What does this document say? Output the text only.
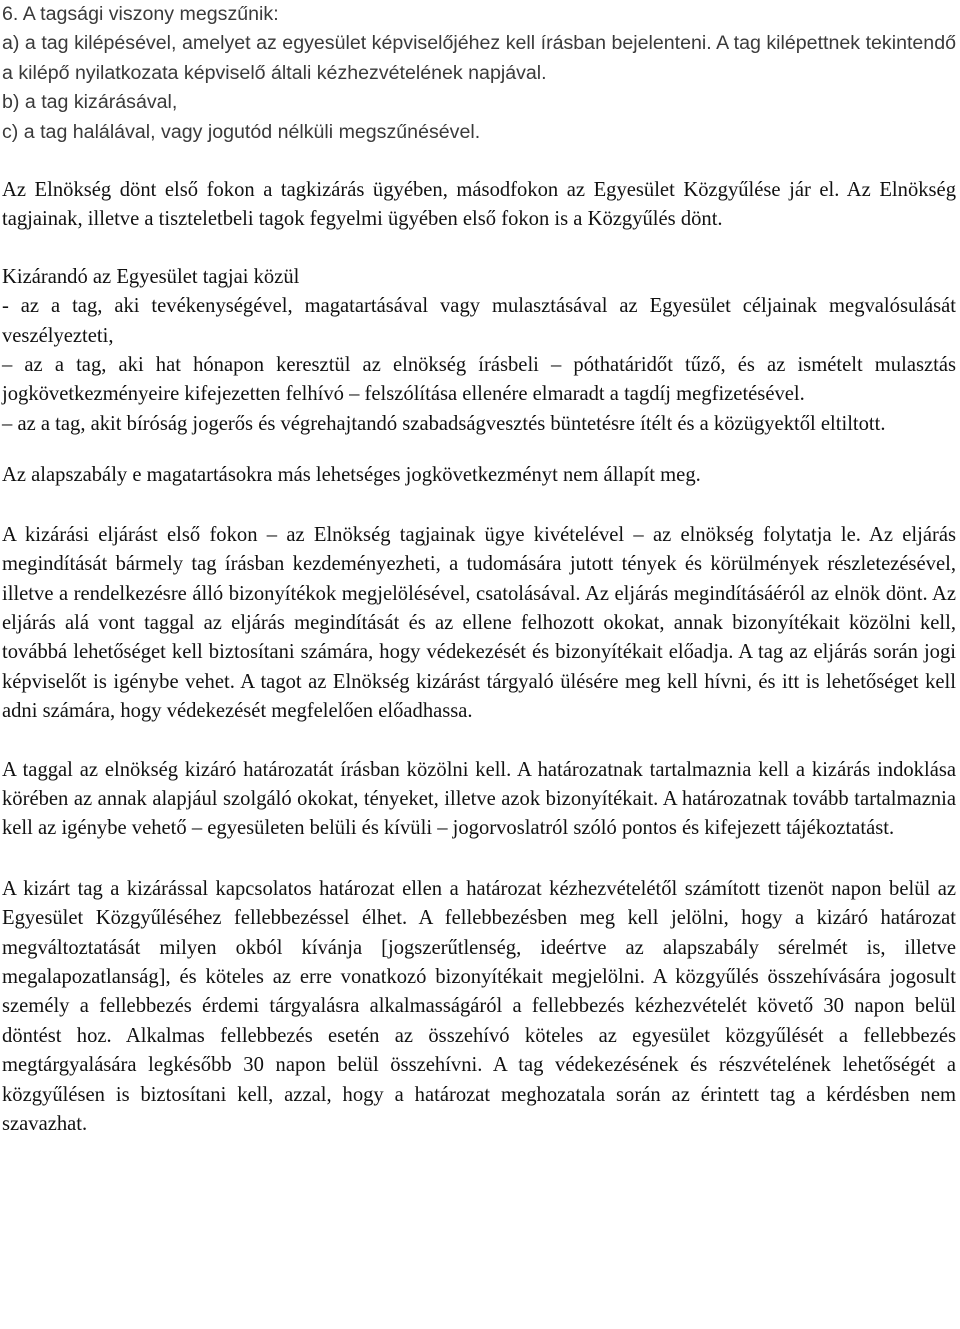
6. A tagsági viszony megszűnik:
a) a tag kilépésével, amelyet az egyesület képviselőjéhez kell írásban bejelenteni. A tag kilépettnek tekintendő a kilépő nyilatkozata képviselő általi kézhezvételének napjával.
b) a tag kizárásával,
c) a tag halálával, vagy jogutód nélküli megszűnésével.

Az Elnökség dönt első fokon a tagkizárás ügyében, másodfokon az Egyesület Közgyűlése jár el. Az Elnökség tagjainak, illetve a tiszteletbeli tagok fegyelmi ügyében első fokon is a Közgyűlés dönt.

Kizárandó az Egyesület tagjai közül
- az a tag, aki tevékenységével, magatartásával vagy mulasztásával az Egyesület céljainak megvalósulását veszélyezteti,
– az a tag, aki hat hónapon keresztül az elnökség írásbeli – póthatáridőt tűző, és az ismételt mulasztás jogkövetkezményeire kifejezetten felhívó – felszólítása ellenére elmaradt a tagdíj megfizetésével.
– az a tag, akit bíróság jogerős és végrehajtandó szabadságvesztés büntetésre ítélt és a közügyektől eltiltott.

Az alapszabály e magatartásokra más lehetséges jogkövetkezményt nem állapít meg.

A kizárási eljárást első fokon – az Elnökség tagjainak ügye kivételével – az elnökség folytatja le. Az eljárás megindítását bármely tag írásban kezdeményezheti, a tudomására jutott tények és körülmények részletezésével, illetve a rendelkezésre álló bizonyítékok megjelölésével, csatolásával. Az eljárás megindításáéról az elnök dönt. Az eljárás alá vont taggal az eljárás megindítását és az ellene felhozott okokat, annak bizonyítékait közölni kell, továbbá lehetőséget kell biztosítani számára, hogy védekezését és bizonyítékait előadja. A tag az eljárás során jogi képviselőt is igénybe vehet. A tagot az Elnökség kizárást tárgyaló ülésére meg kell hívni, és itt is lehetőséget kell adni számára, hogy védekezését megfelelően előadhassa.

A taggal az elnökség kizáró határozatát írásban közölni kell. A határozatnak tartalmaznia kell a kizárás indoklása körében az annak alapjául szolgáló okokat, tényeket, illetve azok bizonyítékait. A határozatnak tovább tartalmaznia kell az igénybe vehető – egyesületen belüli és kívüli – jogorvoslatról szóló pontos és kifejezett tájékoztatást.

A kizárt tag a kizárással kapcsolatos határozat ellen a határozat kézhezvételétől számított tizenöt napon belül az Egyesület Közgyűléséhez fellebbezéssel élhet. A fellebbezésben meg kell jelölni, hogy a kizáró határozat megváltoztatását milyen okból kívánja [jogszerűtlenség, ideértve az alapszabály sérelmét is, illetve megalapozatlanság], és köteles az erre vonatkozó bizonyítékait megjelölni. A közgyűlés összehívására jogosult személy a fellebbezés érdemi tárgyalásra alkalmasságáról a fellebbezés kézhezvételét követő 30 napon belül döntést hoz. Alkalmas fellebbezés esetén az összehívó köteles az egyesület közgyűlését a fellebbezés megtárgyalására legkésőbb 30 napon belül összehívni. A tag védekezésének és részvételének lehetőségét a közgyűlésen is biztosítani kell, azzal, hogy a határozat meghozatala során az érintett tag a kérdésben nem szavazhat.
